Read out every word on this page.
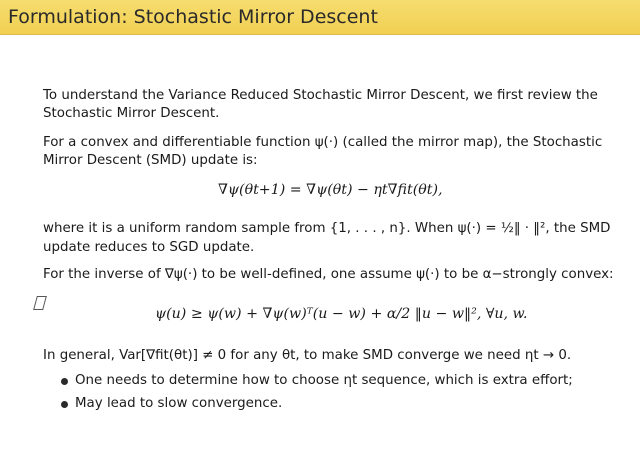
Formulation: Stochastic Mirror Descent
To understand the Variance Reduced Stochastic Mirror Descent, we first review the
Stochastic Mirror Descent.
For a convex and differentiable function ψ(·) (called the mirror map), the Stochastic
Mirror Descent (SMD) update is:
∇ψ(θt+1) = ∇ψ(θt) − ηt∇fit(θt),
where it is a uniform random sample from {1, . . . , n}. When ψ(·) = ½‖ · ‖², the SMD
update reduces to SGD update.
For the inverse of ∇ψ(·) to be well-defined, one assume ψ(·) to be α−strongly convex:
ψ(u) ≥ ψ(w) + ∇ψ(w)ᵀ(u − w) + α/2 ‖u − w‖², ∀u, w.
In general, Var[∇fit(θt)] ≠ 0 for any θt, to make SMD converge we need ηt → 0.
One needs to determine how to choose ηt sequence, which is extra effort;
May lead to slow convergence.
